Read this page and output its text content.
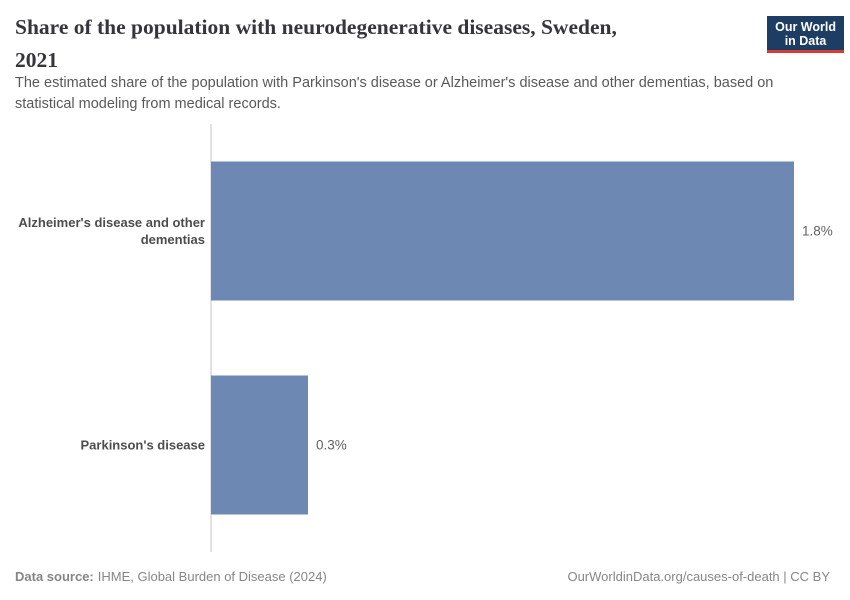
Share of the population with neurodegenerative diseases, Sweden,
2021
Our World
in Data

The estimated share of the population with Parkinson's disease or Alzheimer's disease and other dementias, based on statistical modeling from medical records.

Alzheimer's disease and other dementias
1.8%
Parkinson's disease	0.3%
Data source: IHME, Global Burden of Disease (2024)	OurWorldinData.org/causes-of-death | CC BY
